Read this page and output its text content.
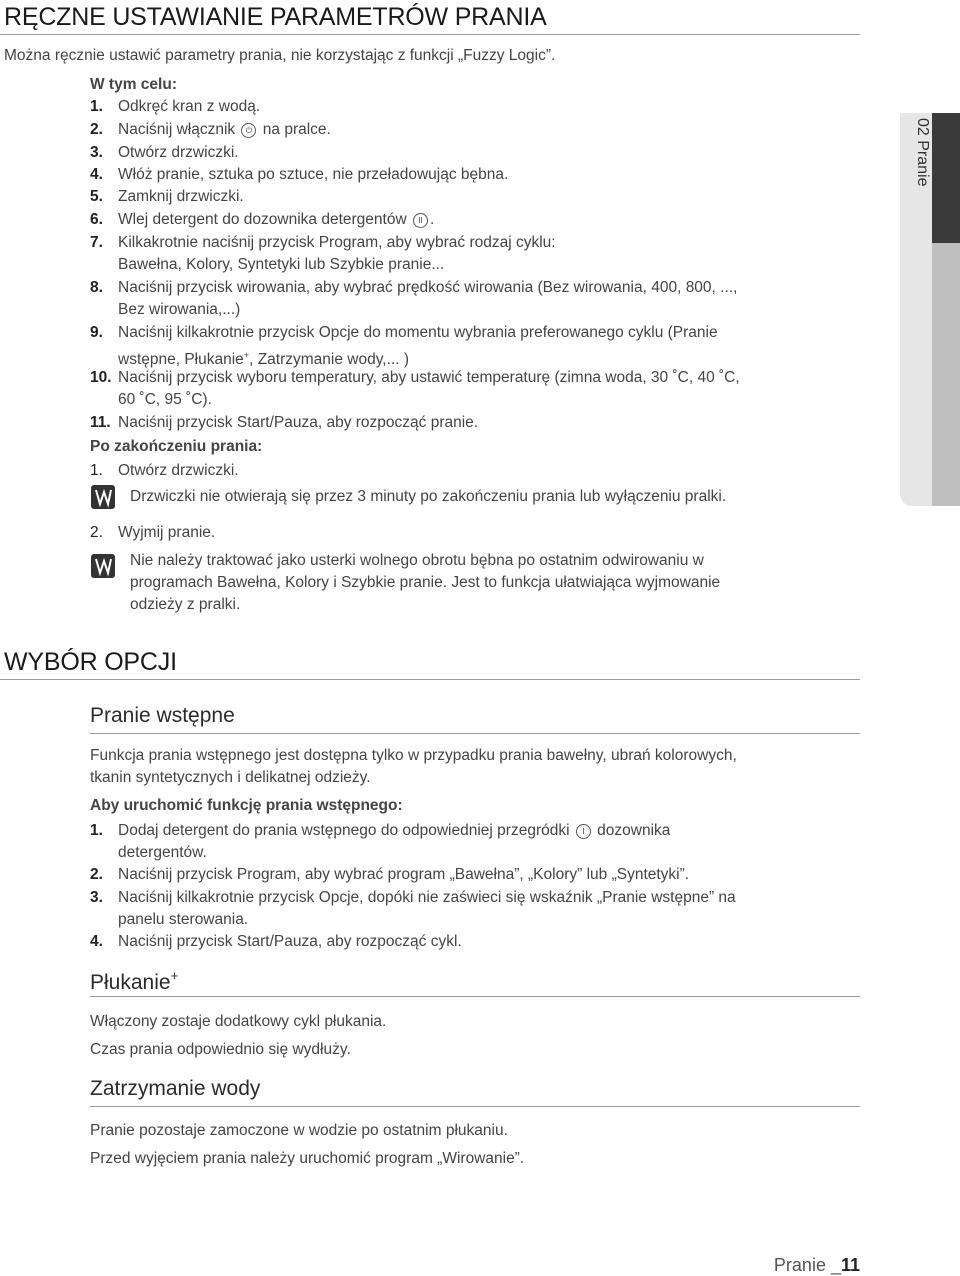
RĘCZNE USTAWIANIE PARAMETRÓW PRANIA

Można ręcznie ustawić parametry prania, nie korzystając z funkcji „Fuzzy Logic”.

W tym celu:

1. Odkręć kran z wodą.

2. Naciśnij włącznik ⏻ na pralce.

3. Otwórz drzwiczki.

4. Włóż pranie, sztuka po sztuce, nie przeładowując bębna.

5. Zamknij drzwiczki.

6. Wlej detergent do dozownika detergentów II .

7. Kilkakrotnie naciśnij przycisk Program, aby wybrać rodzaj cyklu:

Bawełna, Kolory, Syntetyki lub Szybkie pranie...

8. Naciśnij przycisk wirowania, aby wybrać prędkość wirowania (Bez wirowania, 400, 800, ...,

Bez wirowania,...)

9. Naciśnij kilkakrotnie przycisk Opcje do momentu wybrania preferowanego cyklu (Pranie

wstępne, Płukanie+, Zatrzymanie wody,... )

10. Naciśnij przycisk wyboru temperatury, aby ustawić temperaturę (zimna woda, 30 ˚C, 40 ˚C,

60 ˚C, 95 ˚C).

11. Naciśnij przycisk Start/Pauza, aby rozpocząć pranie.

Po zakończeniu prania:

1. Otwórz drzwiczki.

Drzwiczki nie otwierają się przez 3 minuty po zakończeniu prania lub wyłączeniu pralki.

2. Wyjmij pranie.

Nie należy traktować jako usterki wolnego obrotu bębna po ostatnim odwirowaniu w

programach Bawełna, Kolory i Szybkie pranie. Jest to funkcja ułatwiająca wyjmowanie

odzieży z pralki.

WYBÓR OPCJI
Pranie wstępne

Funkcja prania wstępnego jest dostępna tylko w przypadku prania bawełny, ubrań kolorowych,

tkanin syntetycznych i delikatnej odzieży.

Aby uruchomić funkcję prania wstępnego:

1. Dodaj detergent do prania wstępnego do odpowiedniej przegródki I dozownika

detergentów.

2. Naciśnij przycisk Program, aby wybrać program „Bawełna”, „Kolory” lub „Syntetyki”.

3. Naciśnij kilkakrotnie przycisk Opcje, dopóki nie zaświeci się wskaźnik „Pranie wstępne” na

panelu sterowania.

4. Naciśnij przycisk Start/Pauza, aby rozpocząć cykl.

Płukanie+

Włączony zostaje dodatkowy cykl płukania.

Czas prania odpowiednio się wydłuży.

Zatrzymanie wody

Pranie pozostaje zamoczone w wodzie po ostatnim płukaniu.

Przed wyjęciem prania należy uruchomić program „Wirowanie”.

02 Pranie
Pranie _11
